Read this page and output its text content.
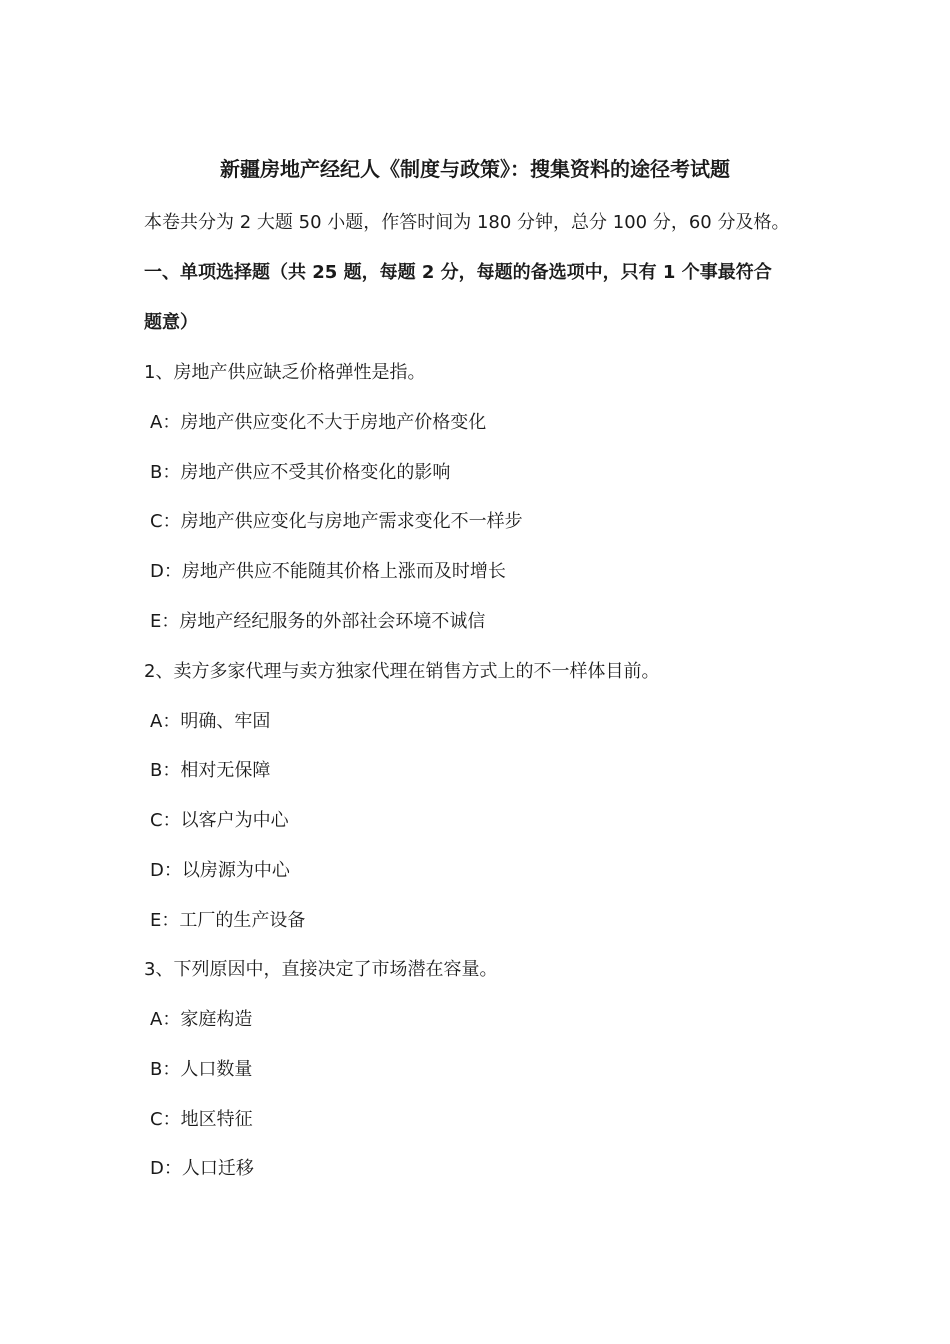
新疆房地产经纪人《制度与政策》：搜集资料的途径考试题
本卷共分为 2 大题 50 小题，作答时间为 180 分钟，总分 100 分，60 分及格。
一、单项选择题（共 25 题，每题 2 分，每题的备选项中，只有 1 个事最符合
题意）
1、房地产供应缺乏价格弹性是指。
A：房地产供应变化不大于房地产价格变化
B：房地产供应不受其价格变化的影响
C：房地产供应变化与房地产需求变化不一样步
D：房地产供应不能随其价格上涨而及时增长
E：房地产经纪服务的外部社会环境不诚信
2、卖方多家代理与卖方独家代理在销售方式上的不一样体目前。
A：明确、牢固
B：相对无保障
C：以客户为中心
D：以房源为中心
E：工厂的生产设备
3、下列原因中，直接决定了市场潜在容量。
A：家庭构造
B：人口数量
C：地区特征
D：人口迁移
